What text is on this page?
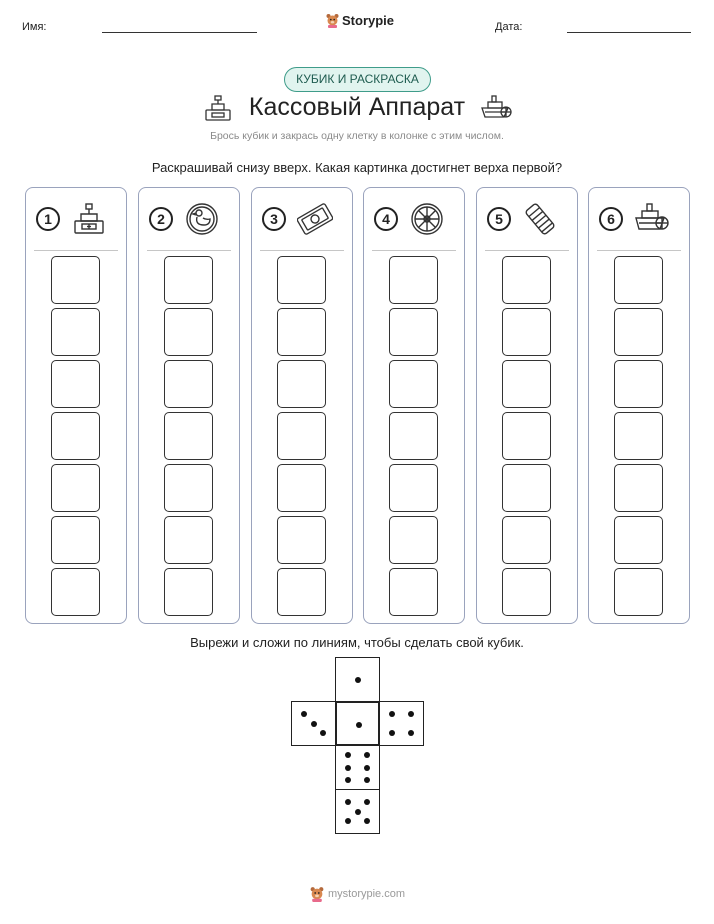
Имя:	Storypie	Дата:
КУБИК И РАСКРАСКА
Кассовый Аппарат
Брось кубик и закрась одну клетку в колонке с этим числом.
Раскрашивай снизу вверх. Какая картинка достигнет верха первой?
1	2	3	4	5	6
Вырежи и сложи по линиям, чтобы сделать свой кубик.
mystorypie.com
